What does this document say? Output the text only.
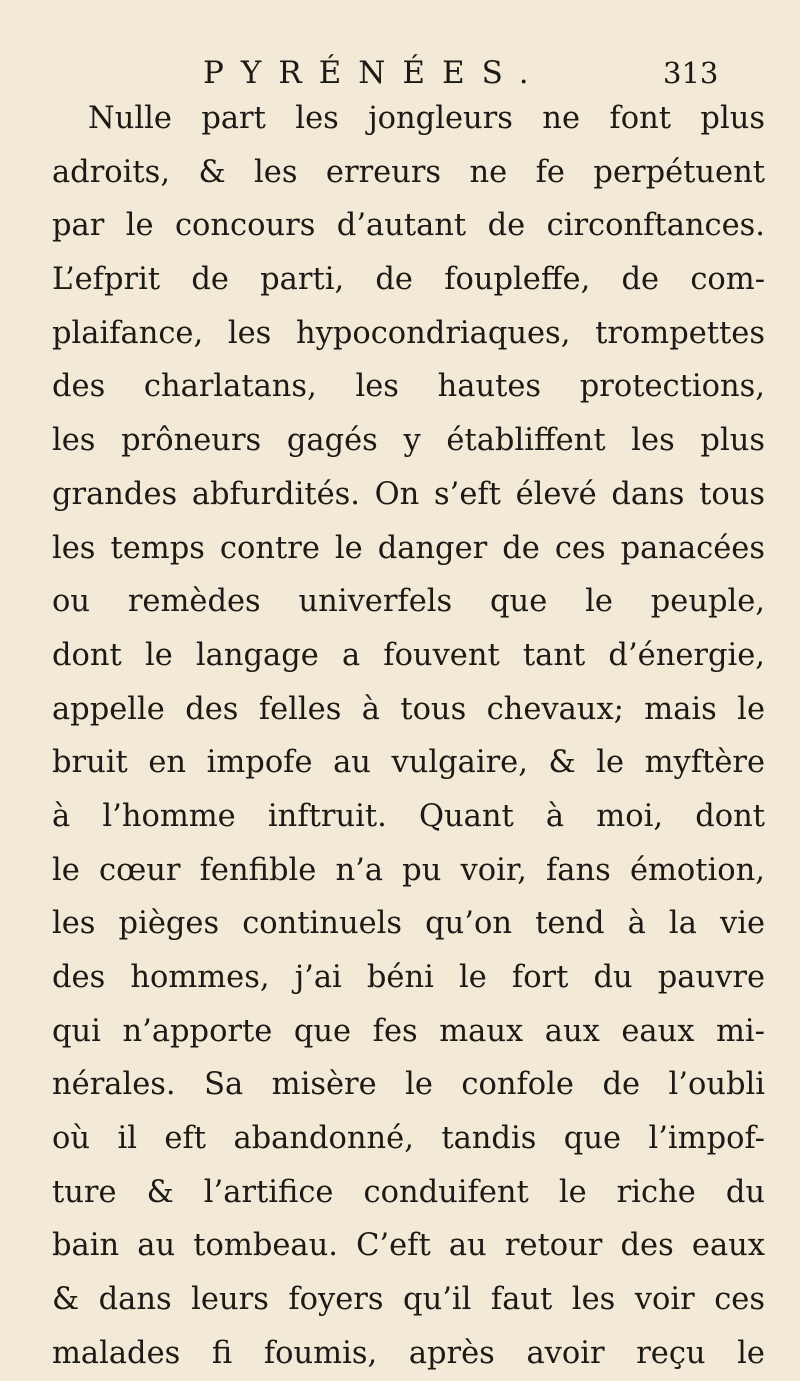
PYRÉNÉES.	313
Nulle part les jongleurs ne font plus
adroits, & les erreurs ne fe perpétuent
par le concours d’autant de circonftances.
L’efprit de parti, de foupleffe, de com-
plaifance, les hypocondriaques, trompettes
des charlatans, les hautes protections,
les prôneurs gagés y établiffent les plus
grandes abfurdités. On s’eft élevé dans tous
les temps contre le danger de ces panacées
ou remèdes univerfels que le peuple,
dont le langage a fouvent tant d’énergie,
appelle des felles à tous chevaux; mais le
bruit en impofe au vulgaire, & le myftère
à l’homme inftruit. Quant à moi, dont
le cœur fenfible n’a pu voir, fans émotion,
les pièges continuels qu’on tend à la vie
des hommes, j’ai béni le fort du pauvre
qui n’apporte que fes maux aux eaux mi-
nérales. Sa misère le confole de l’oubli
où il eft abandonné, tandis que l’impof-
ture & l’artifice conduifent le riche du
bain au tombeau. C’eft au retour des eaux
& dans leurs foyers qu’il faut les voir ces
malades fi foumis, après avoir reçu le
